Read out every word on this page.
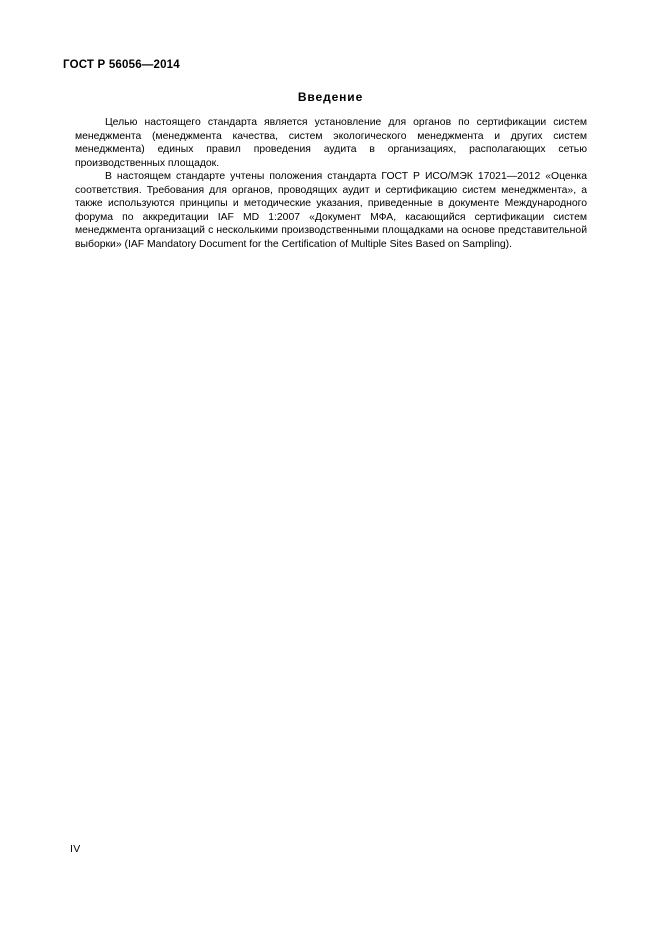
ГОСТ Р 56056—2014
Введение

Целью настоящего стандарта является установление для органов по сертификации систем менеджмента (менеджмента качества, систем экологического менеджмента и других систем менеджмента) единых правил проведения аудита в организациях, располагающих сетью производственных площадок.

В настоящем стандарте учтены положения стандарта ГОСТ Р ИСО/МЭК 17021—2012 «Оценка соответствия. Требования для органов, проводящих аудит и сертификацию систем менеджмента», а также используются принципы и методические указания, приведенные в документе Международного форума по аккредитации IAF MD 1:2007 «Документ МФА, касающийся сертификации систем менеджмента организаций с несколькими производственными площадками на основе представительной выборки» (IAF Mandatory Document for the Certification of Multiple Sites Based on Sampling).

IV
